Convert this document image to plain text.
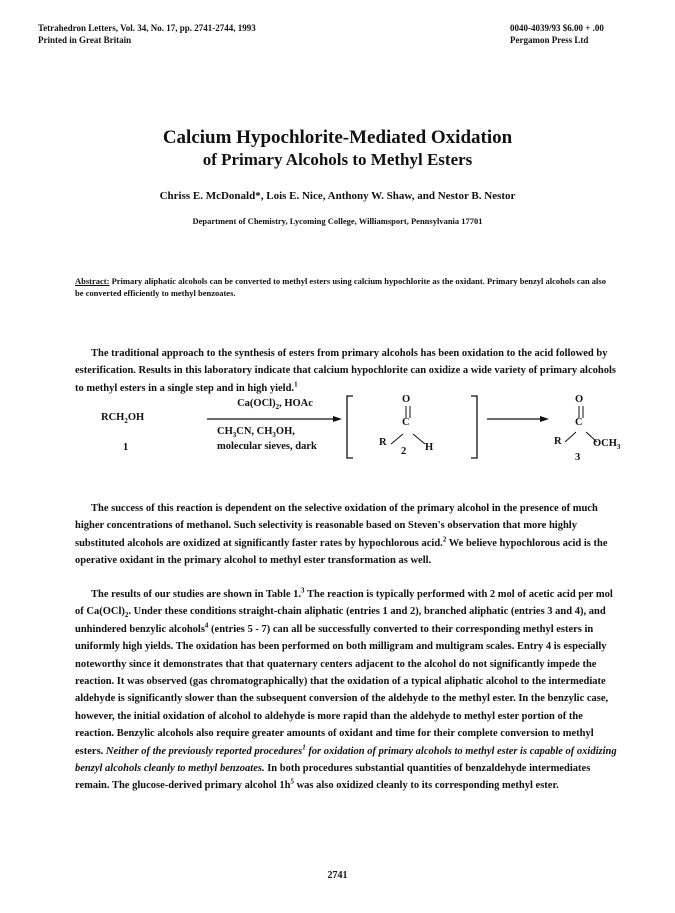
Tetrahedron Letters, Vol. 34, No. 17, pp. 2741-2744, 1993
Printed in Great Britain
0040-4039/93 $6.00 + .00
Pergamon Press Ltd
Calcium Hypochlorite-Mediated Oxidation
of Primary Alcohols to Methyl Esters
Chriss E. McDonald*, Lois E. Nice, Anthony W. Shaw, and Nestor B. Nestor
Department of Chemistry, Lycoming College, Williamsport, Pennsylvania 17701
Abstract: Primary aliphatic alcohols can be converted to methyl esters using calcium hypochlorite as the oxidant. Primary benzyl alcohols can also be converted efficiently to methyl benzoates.

The traditional approach to the synthesis of esters from primary alcohols has been oxidation to the acid followed by esterification. Results in this laboratory indicate that calcium hypochlorite can oxidize a wide variety of primary alcohols to methyl esters in a single step and in high yield.$^1$

$RCH_2OH$
1
$Ca(OCl)_2$, HOAc
$CH_3CN$, $CH_3OH$,
molecular sieves, dark
O
C
R	H
2
O
C
R	$OCH_3$
3

The success of this reaction is dependent on the selective oxidation of the primary alcohol in the presence of much higher concentrations of methanol. Such selectivity is reasonable based on Steven's observation that more highly substituted alcohols are oxidized at significantly faster rates by hypochlorous acid.$^2$ We believe hypochlorous acid is the operative oxidant in the primary alcohol to methyl ester transformation as well.

The results of our studies are shown in Table 1.$^3$ The reaction is typically performed with 2 mol of acetic acid per mol of $Ca(OCl)_2$. Under these conditions straight-chain aliphatic (entries 1 and 2), branched aliphatic (entries 3 and 4), and unhindered benzylic alcohols$^4$ (entries 5 - 7) can all be successfully converted to their corresponding methyl esters in uniformly high yields. The oxidation has been performed on both milligram and multigram scales. Entry 4 is especially noteworthy since it demonstrates that that quaternary centers adjacent to the alcohol do not significantly impede the reaction. It was observed (gas chromatographically) that the oxidation of a typical aliphatic alcohol to the intermediate aldehyde is significantly slower than the subsequent conversion of the aldehyde to the methyl ester. In the benzylic case, however, the initial oxidation of alcohol to aldehyde is more rapid than the aldehyde to methyl ester portion of the reaction. Benzylic alcohols also require greater amounts of oxidant and time for their complete conversion to methyl esters. Neither of the previously reported procedures$^1$ for oxidation of primary alcohols to methyl ester is capable of oxidizing benzyl alcohols cleanly to methyl benzoates. In both procedures substantial quantities of benzaldehyde intermediates remain. The glucose-derived primary alcohol $1h^5$ was also oxidized cleanly to its corresponding methyl ester.

2741
